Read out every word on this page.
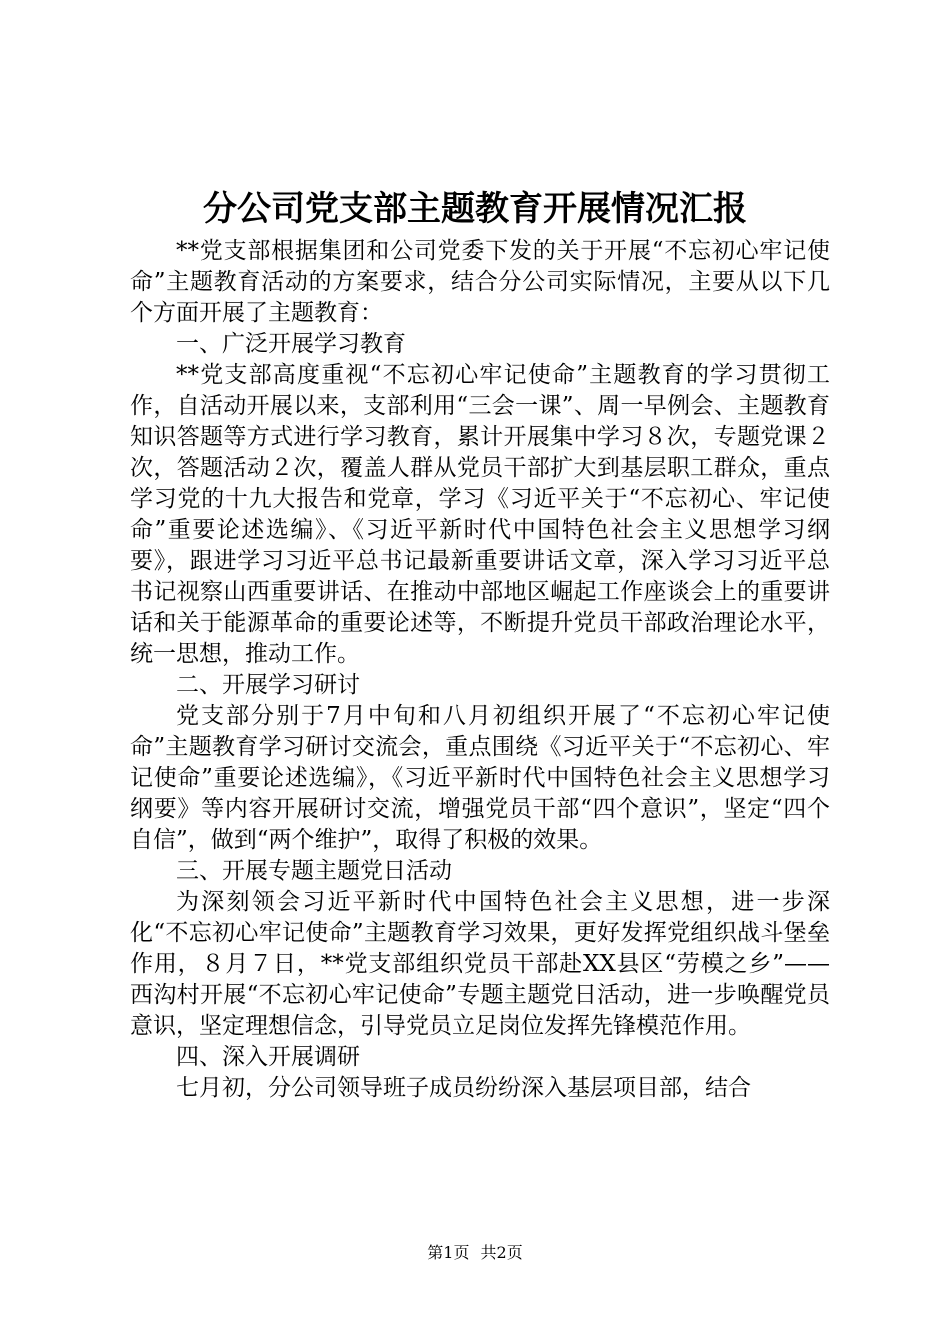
分公司党支部主题教育开展情况汇报

**党支部根据集团和公司党委下发的关于开展“不忘初心牢记使命”主题教育活动的方案要求，结合分公司实际情况，主要从以下几个方面开展了主题教育：

一、广泛开展学习教育

**党支部高度重视“不忘初心牢记使命”主题教育的学习贯彻工作，自活动开展以来，支部利用“三会一课”、周一早例会、主题教育知识答题等方式进行学习教育，累计开展集中学习８次，专题党课２次，答题活动２次，覆盖人群从党员干部扩大到基层职工群众，重点学习党的十九大报告和党章，学习《习近平关于“不忘初心、牢记使命”重要论述选编》、《习近平新时代中国特色社会主义思想学习纲要》，跟进学习习近平总书记最新重要讲话文章，深入学习习近平总书记视察山西重要讲话、在推动中部地区崛起工作座谈会上的重要讲话和关于能源革命的重要论述等，不断提升党员干部政治理论水平，统一思想，推动工作。

二、开展学习研讨

党支部分别于7月中旬和八月初组织开展了“不忘初心牢记使命”主题教育学习研讨交流会，重点围绕《习近平关于“不忘初心、牢记使命”重要论述选编》，《习近平新时代中国特色社会主义思想学习纲要》等内容开展研讨交流，增强党员干部“四个意识”，坚定“四个自信”，做到“两个维护”，取得了积极的效果。

三、开展专题主题党日活动

为深刻领会习近平新时代中国特色社会主义思想，进一步深化“不忘初心牢记使命”主题教育学习效果，更好发挥党组织战斗堡垒作用，８月７日，**党支部组织党员干部赴XX县区“劳模之乡”——西沟村开展“不忘初心牢记使命”专题主题党日活动，进一步唤醒党员意识，坚定理想信念，引导党员立足岗位发挥先锋模范作用。

四、深入开展调研

七月初，分公司领导班子成员纷纷深入基层项目部，结合

第1页 共2页
